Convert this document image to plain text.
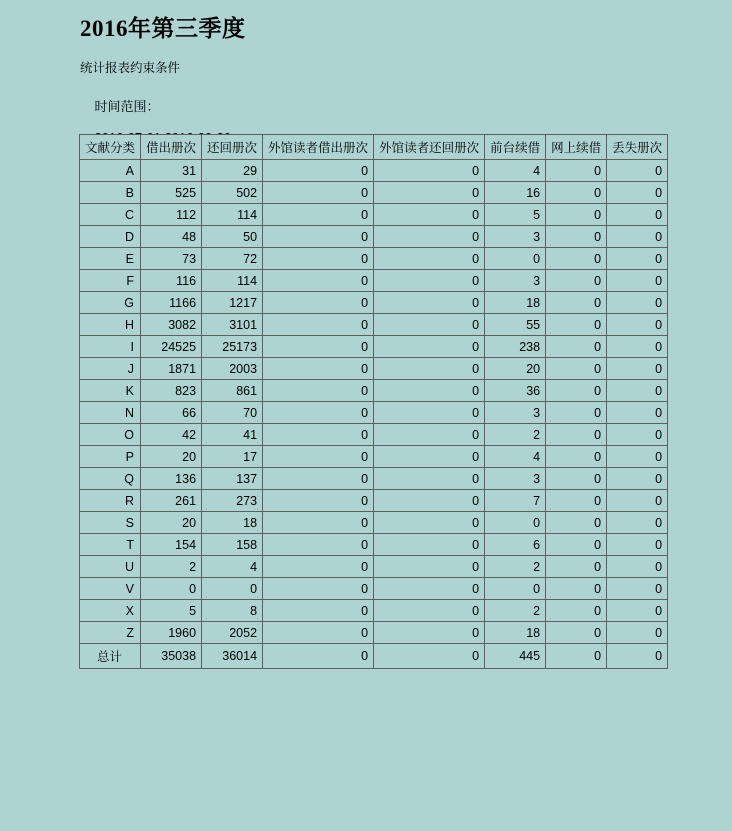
2016年第三季度
统计报表约束条件

时间范围：

文献分类	借出册次	还回册次	外馆读者借出册次	外馆读者还回册次	前台续借	网上续借	丢失册次
A	31	29	0	0	4	0	0
B	525	502	0	0	16	0	0
C	112	114	0	0	5	0	0
D	48	50	0	0	3	0	0
E	73	72	0	0	0	0	0
F	116	114	0	0	3	0	0
G	1166	1217	0	0	18	0	0
H	3082	3101	0	0	55	0	0
I	24525	25173	0	0	238	0	0
J	1871	2003	0	0	20	0	0
K	823	861	0	0	36	0	0
N	66	70	0	0	3	0	0
O	42	41	0	0	2	0	0
P	20	17	0	0	4	0	0
Q	136	137	0	0	3	0	0
R	261	273	0	0	7	0	0
S	20	18	0	0	0	0	0
T	154	158	0	0	6	0	0
U	2	4	0	0	2	0	0
V	0	0	0	0	0	0	0
X	5	8	0	0	2	0	0
Z	1960	2052	0	0	18	0	0
总计	35038	36014	0	0	445	0	0
